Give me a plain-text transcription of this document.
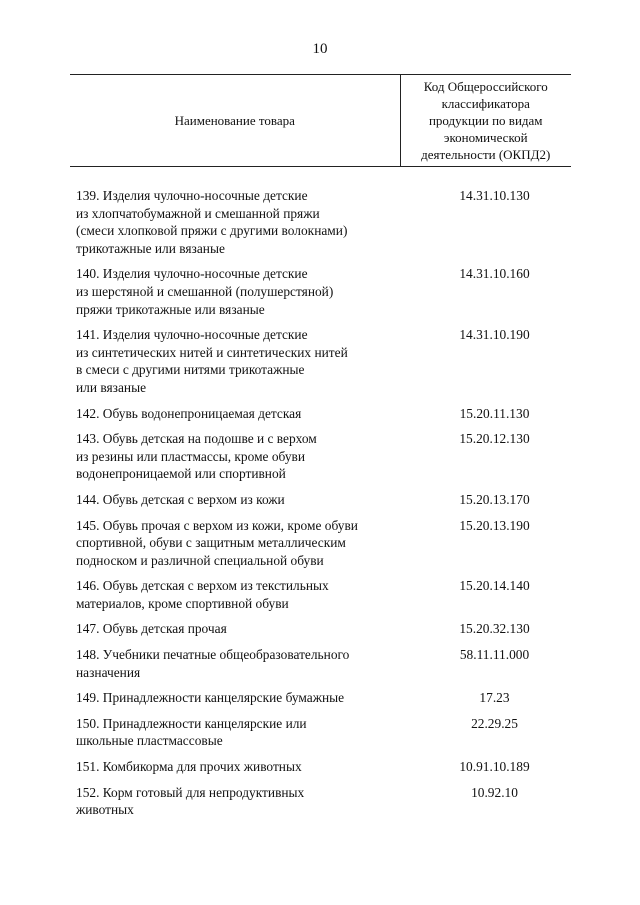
10
Наименование товара	Код Общероссийского
классификатора
продукции по видам
экономической
деятельности (ОКПД2)

139. Изделия чулочно-носочные детские
из хлопчатобумажной и смешанной пряжи
(смеси хлопковой пряжи с другими волокнами)
трикотажные или вязаные	14.31.10.130

140. Изделия чулочно-носочные детские
из шерстяной и смешанной (полушерстяной)
пряжи трикотажные или вязаные	14.31.10.160

141. Изделия чулочно-носочные детские
из синтетических нитей и синтетических нитей
в смеси с другими нитями трикотажные
или вязаные	14.31.10.190

142. Обувь водонепроницаемая детская	15.20.11.130

143. Обувь детская на подошве и с верхом
из резины или пластмассы, кроме обуви
водонепроницаемой или спортивной	15.20.12.130

144. Обувь детская с верхом из кожи	15.20.13.170

145. Обувь прочая с верхом из кожи, кроме обуви
спортивной, обуви с защитным металлическим
подноском и различной специальной обуви	15.20.13.190

146. Обувь детская с верхом из текстильных
материалов, кроме спортивной обуви	15.20.14.140

147. Обувь детская прочая	15.20.32.130

148. Учебники печатные общеобразовательного
назначения	58.11.11.000

149. Принадлежности канцелярские бумажные	17.23

150. Принадлежности канцелярские или
школьные пластмассовые	22.29.25

151. Комбикорма для прочих животных	10.91.10.189

152. Корм готовый для непродуктивных
животных	10.92.10
